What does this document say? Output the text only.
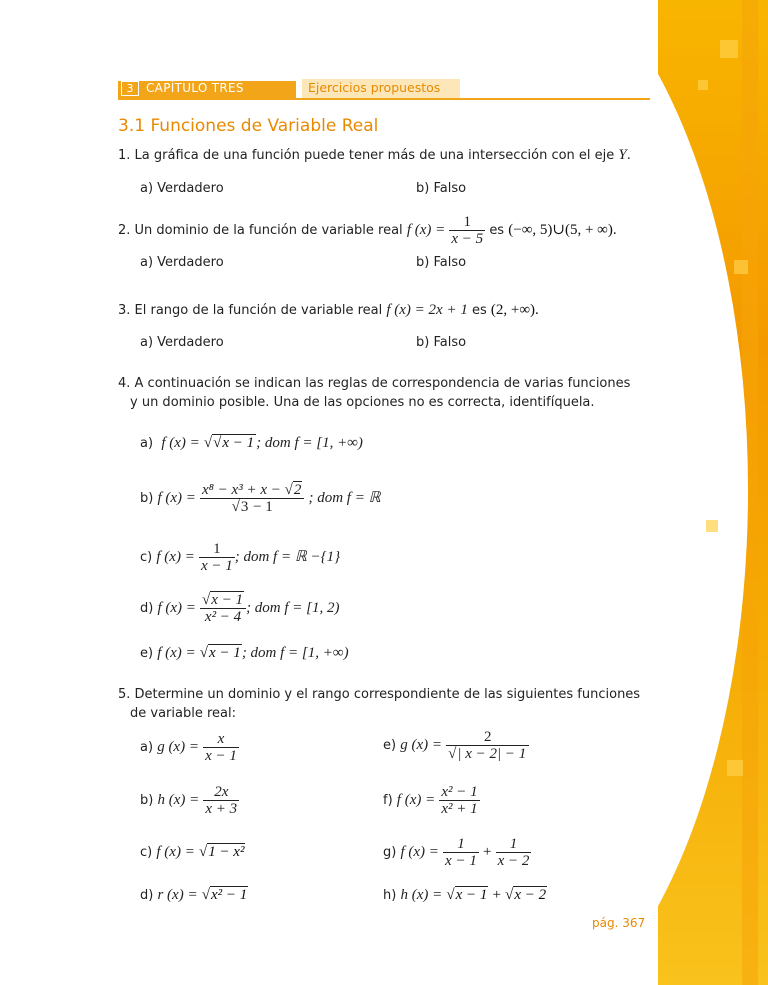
3	CAPÍTULO TRES	Ejercicios propuestos
3.1 Funciones de Variable Real
1. La gráfica de una función puede tener más de una intersección con el eje Y.
a) Verdadero	b) Falso
2. Un dominio de la función de variable real f $(x) = \frac{1}{x - 5}$ es (−∞, 5)∪(5, + ∞).
a) Verdadero	b) Falso
3. El rango de la función de variable real f (x) = 2x + 1 es (2, +∞).
a) Verdadero	b) Falso
4. A continuación se indican las reglas de correspondencia de varias funciones
y un dominio posible. Una de las opciones no es correcta, identifíquela.
a) f (x) = √√x − 1 ; dom f = [1, +∞)
b) f $(x) = \frac{\text{x⁸ − x³ + x − √2}}{√3 - 1}$ ; dom f = ℝ
c) f $(x) = \frac{1}{x - 1}$ ; dom f = ℝ −{1}
d) f $(x) = \frac{√x - 1}{\text{x² − 4}}$ ; dom f = [1, 2)
e) f (x) = √x − 1; dom f = [1, +∞)
5. Determine un dominio y el rango correspondiente de las siguientes funciones
de variable real:
a) g $(x) = \frac{x}{x - 1}$	e) g $(x) = \frac{2}{√| x - 2| - 1}$
b) h $(x) = \frac{2x}{x + 3}$	f) f $(x) = \frac{\text{x² − 1}}{\text{x² + 1}}$
c) f (x) = √1 − x²	g) f $(x) = \frac{1}{x - 1} + \frac{1}{x - 2}$
d) r (x) = √x² − 1	h) h (x) = √x − 1 + √x − 2
pág. 367
